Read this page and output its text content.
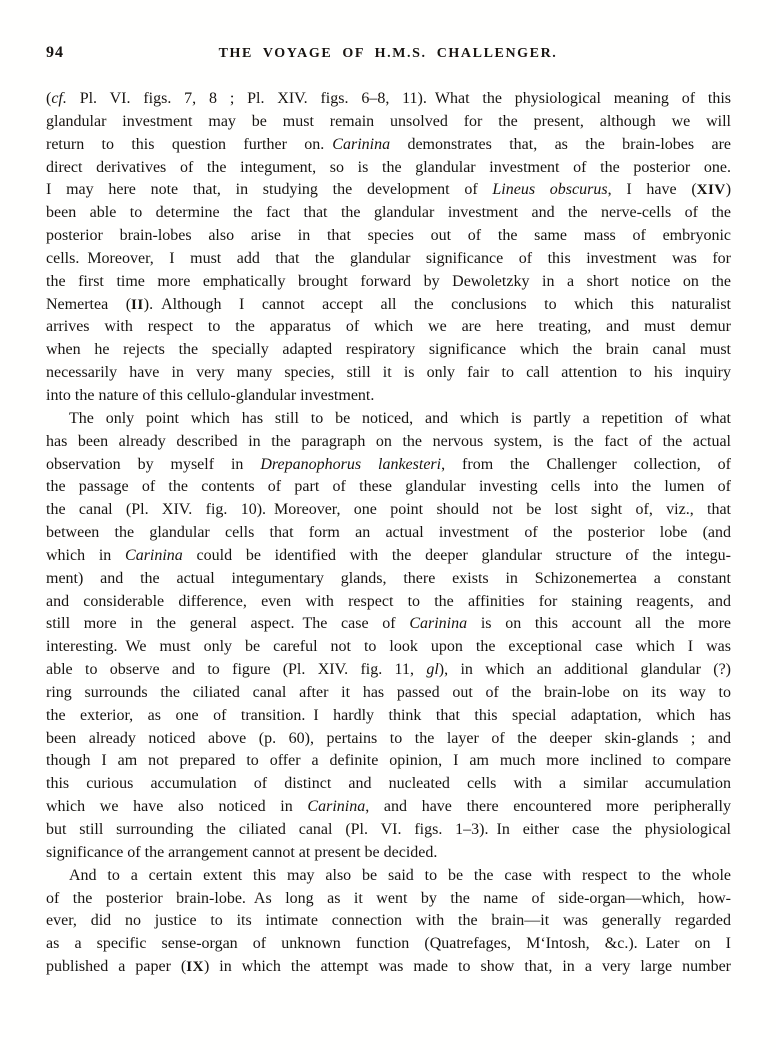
94	THE VOYAGE OF H.M.S. CHALLENGER.
(cf. Pl. VI. figs. 7, 8 ; Pl. XIV. figs. 6–8, 11). What the physiological meaning of this
glandular investment may be must remain unsolved for the present, although we will
return to this question further on. Carinina demonstrates that, as the brain-lobes are
direct derivatives of the integument, so is the glandular investment of the posterior one.
I may here note that, in studying the development of Lineus obscurus, I have (XIV)
been able to determine the fact that the glandular investment and the nerve-cells of the
posterior brain-lobes also arise in that species out of the same mass of embryonic
cells. Moreover, I must add that the glandular significance of this investment was for
the first time more emphatically brought forward by Dewoletzky in a short notice on the
Nemertea (II). Although I cannot accept all the conclusions to which this naturalist
arrives with respect to the apparatus of which we are here treating, and must demur
when he rejects the specially adapted respiratory significance which the brain canal must
necessarily have in very many species, still it is only fair to call attention to his inquiry
into the nature of this cellulo-glandular investment.
The only point which has still to be noticed, and which is partly a repetition of what
has been already described in the paragraph on the nervous system, is the fact of the actual
observation by myself in Drepanophorus lankesteri, from the Challenger collection, of
the passage of the contents of part of these glandular investing cells into the lumen of
the canal (Pl. XIV. fig. 10). Moreover, one point should not be lost sight of, viz., that
between the glandular cells that form an actual investment of the posterior lobe (and
which in Carinina could be identified with the deeper glandular structure of the integu-
ment) and the actual integumentary glands, there exists in Schizonemertea a constant
and considerable difference, even with respect to the affinities for staining reagents, and
still more in the general aspect. The case of Carinina is on this account all the more
interesting. We must only be careful not to look upon the exceptional case which I was
able to observe and to figure (Pl. XIV. fig. 11, gl), in which an additional glandular (?)
ring surrounds the ciliated canal after it has passed out of the brain-lobe on its way to
the exterior, as one of transition. I hardly think that this special adaptation, which has
been already noticed above (p. 60), pertains to the layer of the deeper skin-glands ; and
though I am not prepared to offer a definite opinion, I am much more inclined to compare
this curious accumulation of distinct and nucleated cells with a similar accumulation
which we have also noticed in Carinina, and have there encountered more peripherally
but still surrounding the ciliated canal (Pl. VI. figs. 1–3). In either case the physiological
significance of the arrangement cannot at present be decided.
And to a certain extent this may also be said to be the case with respect to the whole
of the posterior brain-lobe. As long as it went by the name of side-organ—which, how-
ever, did no justice to its intimate connection with the brain—it was generally regarded
as a specific sense-organ of unknown function (Quatrefages, M‘Intosh, &c.). Later on I
published a paper (IX) in which the attempt was made to show that, in a very large number
